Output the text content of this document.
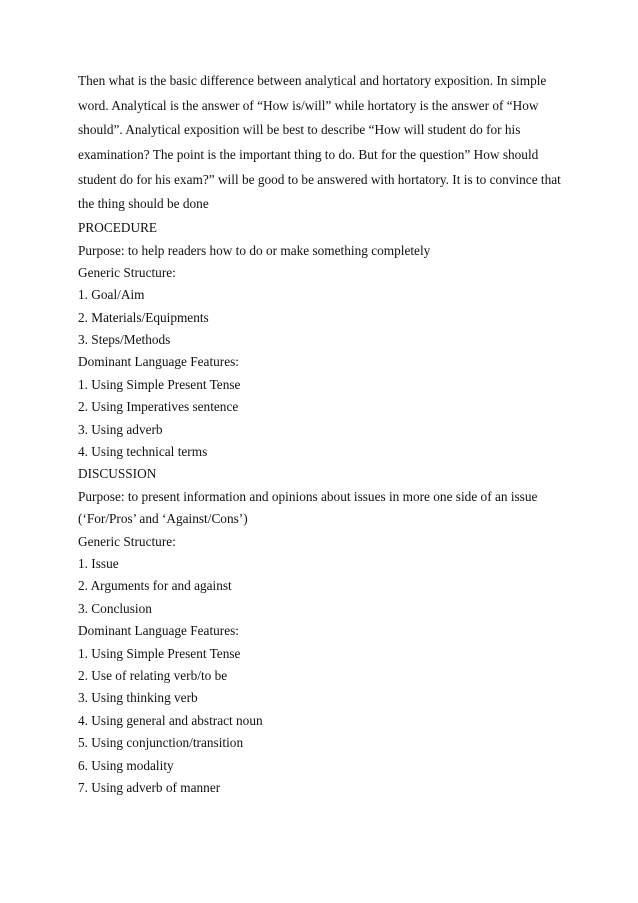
Then what is the basic difference between analytical and hortatory exposition. In simple

word. Analytical is the answer of “How is/will” while hortatory is the answer of “How

should”. Analytical exposition will be best to describe “How will student do for his

examination? The point is the important thing to do. But for the question” How should

student do for his exam?” will be good to be answered with hortatory. It is to convince that

the thing should be done

PROCEDURE

Purpose: to help readers how to do or make something completely

Generic Structure:

1. Goal/Aim

2. Materials/Equipments

3. Steps/Methods

Dominant Language Features:

1. Using Simple Present Tense

2. Using Imperatives sentence

3. Using adverb

4. Using technical terms

DISCUSSION

Purpose: to present information and opinions about issues in more one side of an issue

(‘For/Pros’ and ‘Against/Cons’)

Generic Structure:

1. Issue

2. Arguments for and against

3. Conclusion

Dominant Language Features:

1. Using Simple Present Tense

2. Use of relating verb/to be

3. Using thinking verb

4. Using general and abstract noun

5. Using conjunction/transition

6. Using modality

7. Using adverb of manner
